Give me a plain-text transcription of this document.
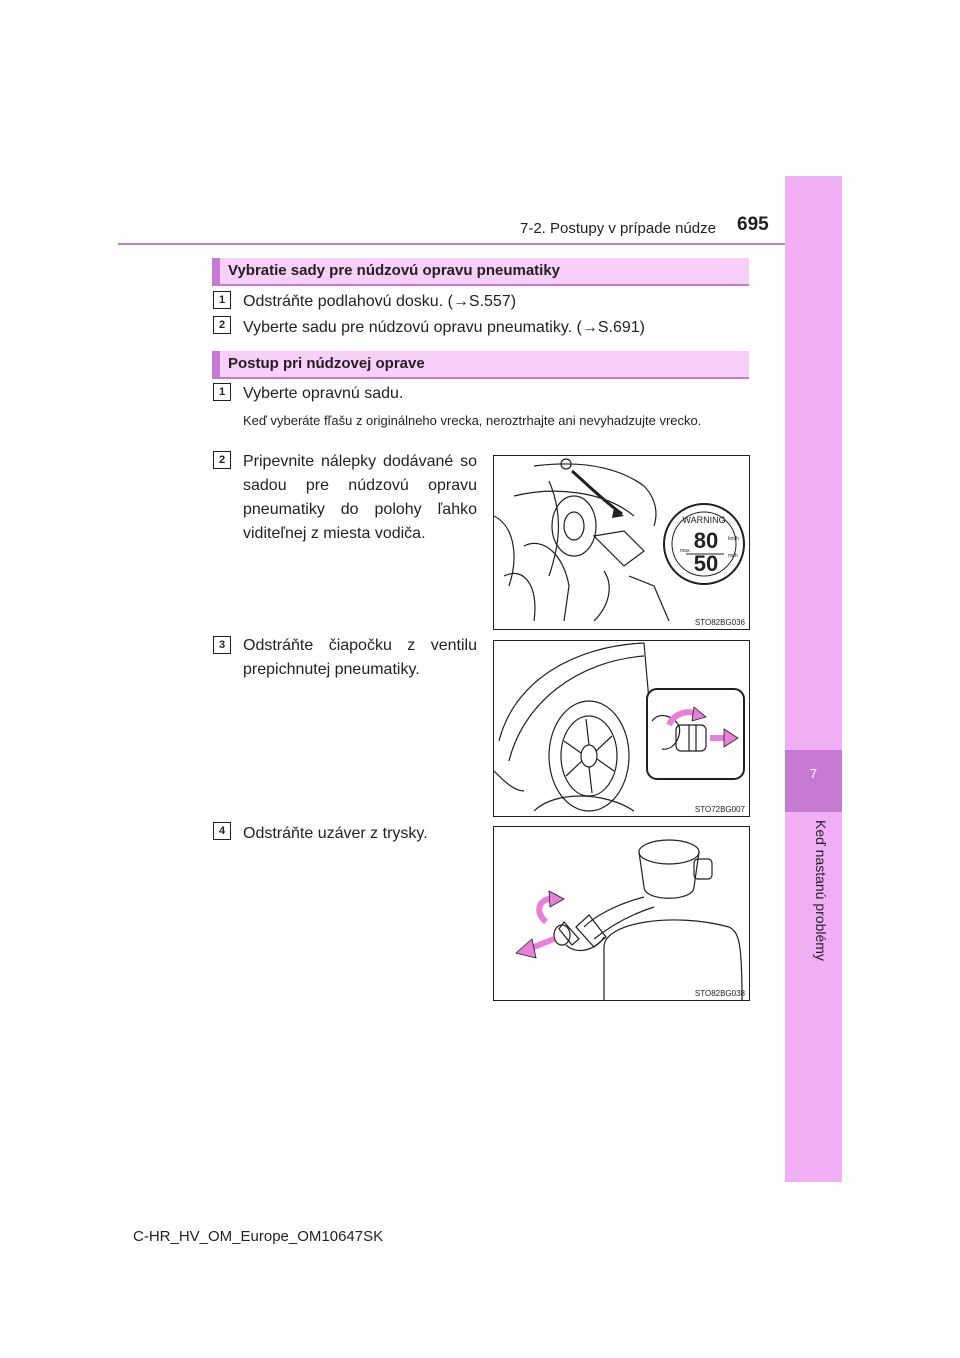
7-2. Postupy v prípade núdze 695
7
Keď nastanú problémy
Vybratie sady pre núdzovú opravu pneumatiky
1	Odstráňte podlahovú dosku. (→S.557)
2	Vyberte sadu pre núdzovú opravu pneumatiky. (→S.691)
Postup pri núdzovej oprave
1	Vyberte opravnú sadu.
Keď vyberáte fľašu z originálneho vrecka, neroztrhajte ani nevyhadzujte vrecko.
2	Pripevnite nálepky dodávané so sadou pre núdzovú opravu pneumatiky do polohy ľahko viditeľnej z miesta vodiča.
WARNING
80
50
km/h
mph
max.
STO82BG036
3	Odstráňte čiapočku z ventilu prepichnutej pneumatiky.
STO72BG007
4	Odstráňte uzáver z trysky.
STO82BG038
C-HR_HV_OM_Europe_OM10647SK
